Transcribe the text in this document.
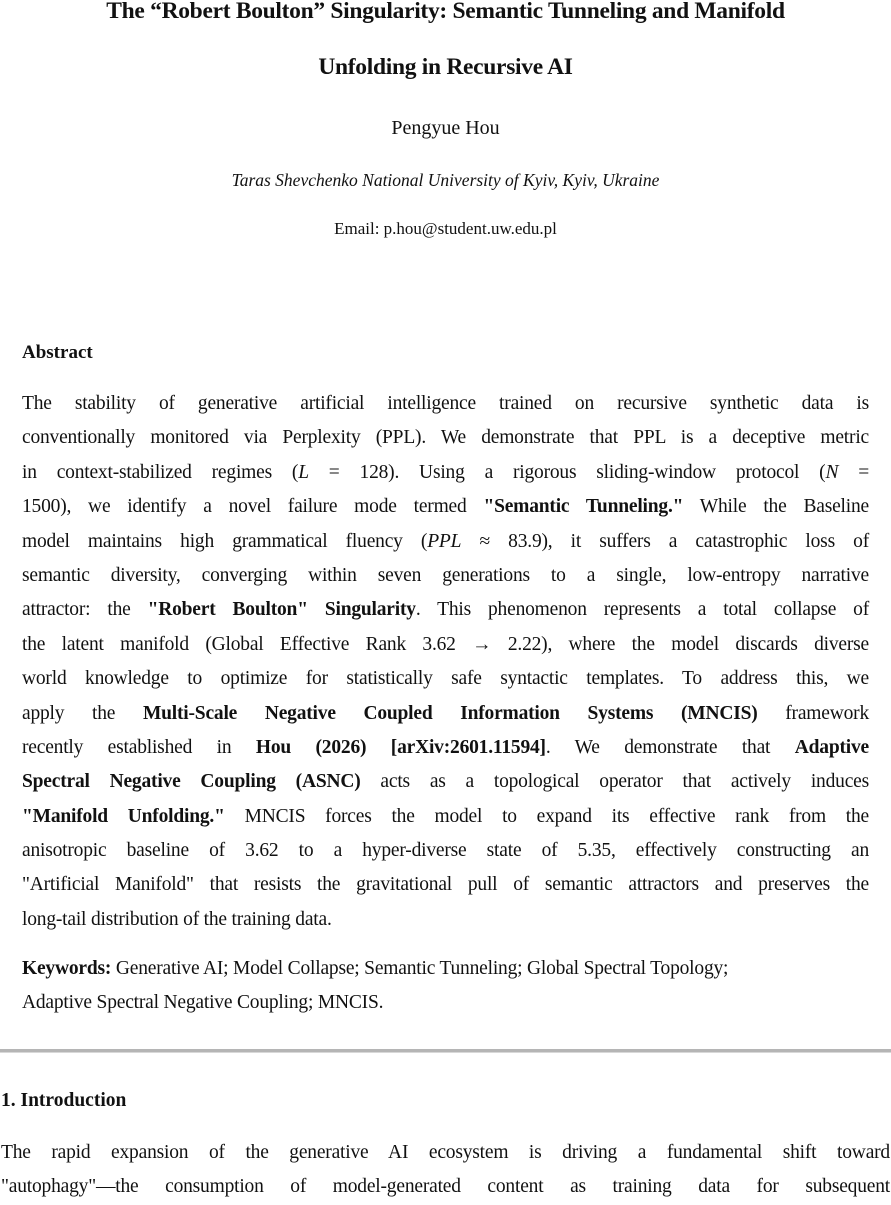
The “Robert Boulton” Singularity: Semantic Tunneling and Manifold
Unfolding in Recursive AI
Pengyue Hou
Taras Shevchenko National University of Kyiv, Kyiv, Ukraine
Email: p.hou@student.uw.edu.pl
Abstract
The stability of generative artificial intelligence trained on recursive synthetic data is
conventionally monitored via Perplexity (PPL). We demonstrate that PPL is a deceptive metric
in context-stabilized regimes (L = 128). Using a rigorous sliding-window protocol (N =
1500), we identify a novel failure mode termed "Semantic Tunneling." While the Baseline
model maintains high grammatical fluency (PPL ≈ 83.9), it suffers a catastrophic loss of
semantic diversity, converging within seven generations to a single, low-entropy narrative
attractor: the "Robert Boulton" Singularity. This phenomenon represents a total collapse of
the latent manifold (Global Effective Rank 3.62 → 2.22), where the model discards diverse
world knowledge to optimize for statistically safe syntactic templates. To address this, we
apply the Multi-Scale Negative Coupled Information Systems (MNCIS) framework
recently established in Hou (2026) [arXiv:2601.11594]. We demonstrate that Adaptive
Spectral Negative Coupling (ASNC) acts as a topological operator that actively induces
"Manifold Unfolding." MNCIS forces the model to expand its effective rank from the
anisotropic baseline of 3.62 to a hyper-diverse state of 5.35, effectively constructing an
"Artificial Manifold" that resists the gravitational pull of semantic attractors and preserves the
long-tail distribution of the training data.
Keywords: Generative AI; Model Collapse; Semantic Tunneling; Global Spectral Topology;
Adaptive Spectral Negative Coupling; MNCIS.
1. Introduction
The rapid expansion of the generative AI ecosystem is driving a fundamental shift toward
"autophagy"—the consumption of model-generated content as training data for subsequent
